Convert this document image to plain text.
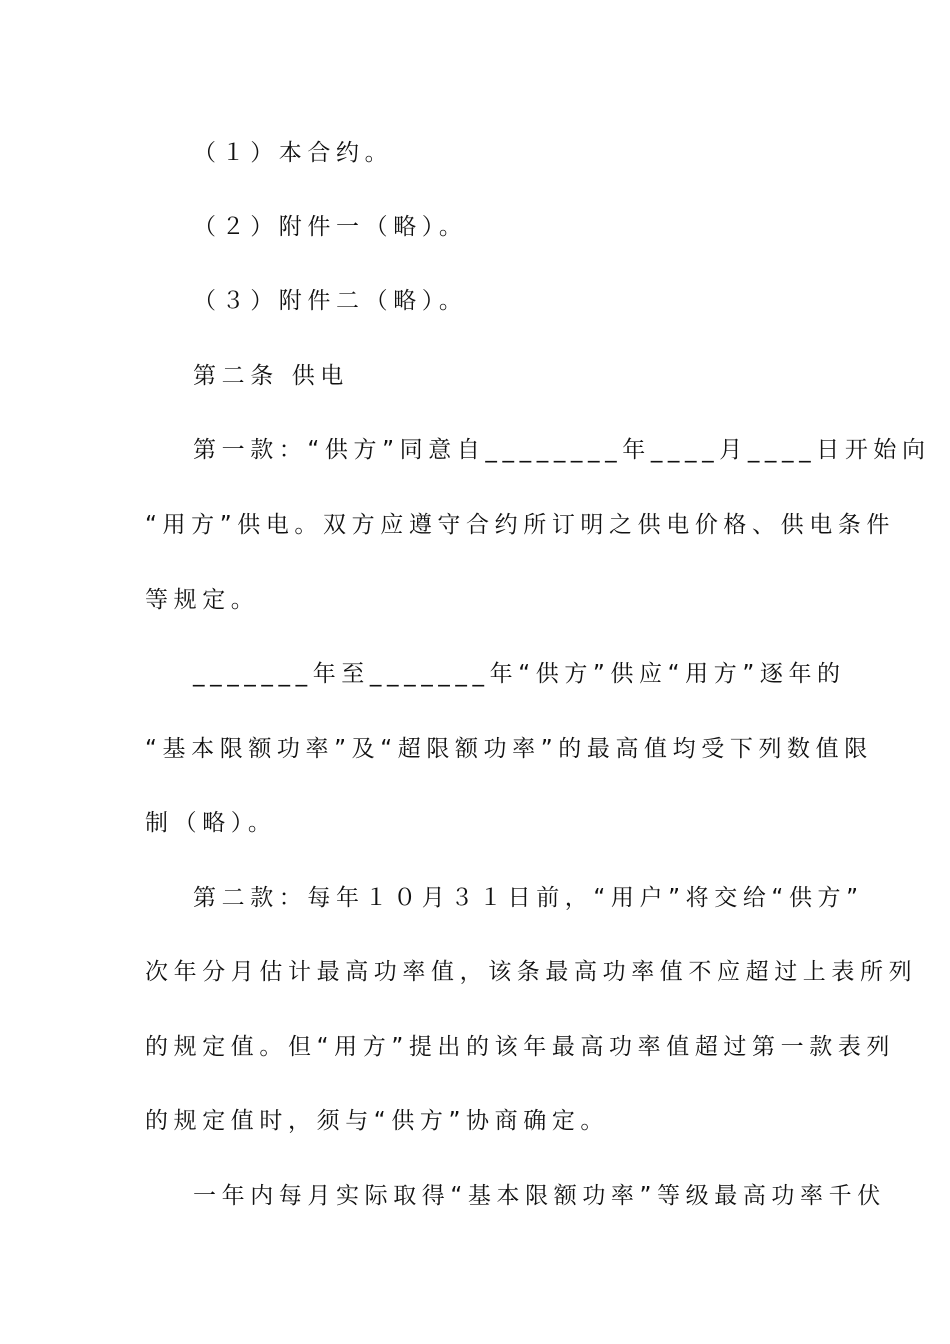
（１）本合约。
（２）附件一（略）。
（３）附件二（略）。
第二条 供电
第一款：“供方”同意自________年____月____日开始向
“用方”供电。双方应遵守合约所订明之供电价格、供电条件
等规定。
_______年至_______年“供方”供应“用方”逐年的
“基本限额功率”及“超限额功率”的最高值均受下列数值限
制（略）。
第二款：每年１０月３１日前，“用户”将交给“供方”
次年分月估计最高功率值，该条最高功率值不应超过上表所列
的规定值。但“用方”提出的该年最高功率值超过第一款表列
的规定值时，须与“供方”协商确定。
一年内每月实际取得“基本限额功率”等级最高功率千伏
